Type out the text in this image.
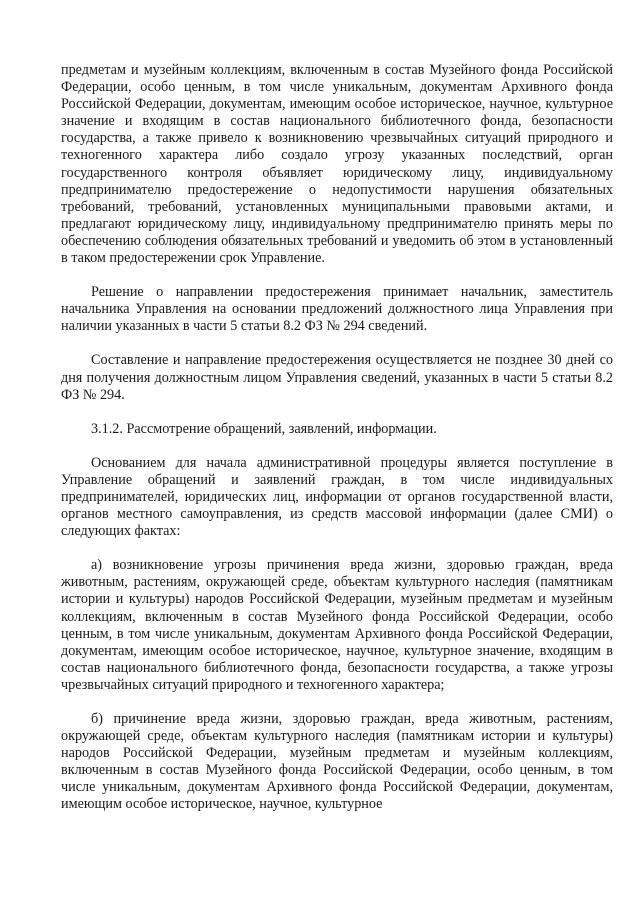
предметам и музейным коллекциям, включенным в состав Музейного фонда Российской Федерации, особо ценным, в том числе уникальным, документам Архивного фонда Российской Федерации, документам, имеющим особое историческое, научное, культурное значение и входящим в состав национального библиотечного фонда, безопасности государства, а также привело к возникновению чрезвычайных ситуаций природного и техногенного характера либо создало угрозу указанных последствий, орган государственного контроля объявляет юридическому лицу, индивидуальному предпринимателю предостережение о недопустимости нарушения обязательных требований, требований, установленных муниципальными правовыми актами, и предлагают юридическому лицу, индивидуальному предпринимателю принять меры по обеспечению соблюдения обязательных требований и уведомить об этом в установленный в таком предостережении срок Управление.

Решение о направлении предостережения принимает начальник, заместитель начальника Управления на основании предложений должностного лица Управления при наличии указанных в части 5 статьи 8.2 ФЗ № 294 сведений.

Составление и направление предостережения осуществляется не позднее 30 дней со дня получения должностным лицом Управления сведений, указанных в части 5 статьи 8.2 ФЗ № 294.

3.1.2. Рассмотрение обращений, заявлений, информации.

Основанием для начала административной процедуры является поступление в Управление обращений и заявлений граждан, в том числе индивидуальных предпринимателей, юридических лиц, информации от органов государственной власти, органов местного самоуправления, из средств массовой информации (далее СМИ) о следующих фактах:

а) возникновение угрозы причинения вреда жизни, здоровью граждан, вреда животным, растениям, окружающей среде, объектам культурного наследия (памятникам истории и культуры) народов Российской Федерации, музейным предметам и музейным коллекциям, включенным в состав Музейного фонда Российской Федерации, особо ценным, в том числе уникальным, документам Архивного фонда Российской Федерации, документам, имеющим особое историческое, научное, культурное значение, входящим в состав национального библиотечного фонда, безопасности государства, а также угрозы чрезвычайных ситуаций природного и техногенного характера;

б) причинение вреда жизни, здоровью граждан, вреда животным, растениям, окружающей среде, объектам культурного наследия (памятникам истории и культуры) народов Российской Федерации, музейным предметам и музейным коллекциям, включенным в состав Музейного фонда Российской Федерации, особо ценным, в том числе уникальным, документам Архивного фонда Российской Федерации, документам, имеющим особое историческое, научное, культурное
